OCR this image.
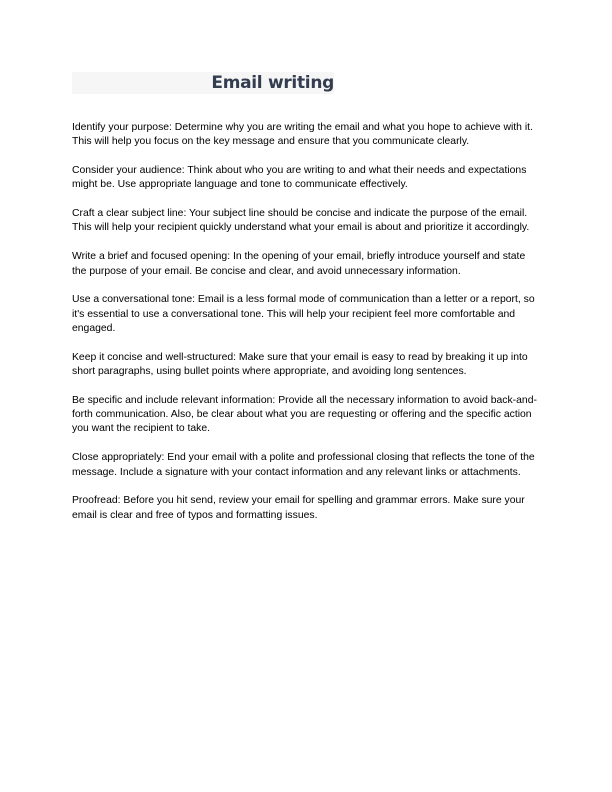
Email writing

Identify your purpose: Determine why you are writing the email and what you hope to achieve with it. This will help you focus on the key message and ensure that you communicate clearly.

Consider your audience: Think about who you are writing to and what their needs and expectations might be. Use appropriate language and tone to communicate effectively.

Craft a clear subject line: Your subject line should be concise and indicate the purpose of the email. This will help your recipient quickly understand what your email is about and prioritize it accordingly.

Write a brief and focused opening: In the opening of your email, briefly introduce yourself and state the purpose of your email. Be concise and clear, and avoid unnecessary information.

Use a conversational tone: Email is a less formal mode of communication than a letter or a report, so it's essential to use a conversational tone. This will help your recipient feel more comfortable and engaged.

Keep it concise and well-structured: Make sure that your email is easy to read by breaking it up into short paragraphs, using bullet points where appropriate, and avoiding long sentences.

Be specific and include relevant information: Provide all the necessary information to avoid back-and-forth communication. Also, be clear about what you are requesting or offering and the specific action you want the recipient to take.

Close appropriately: End your email with a polite and professional closing that reflects the tone of the message. Include a signature with your contact information and any relevant links or attachments.

Proofread: Before you hit send, review your email for spelling and grammar errors. Make sure your email is clear and free of typos and formatting issues.
